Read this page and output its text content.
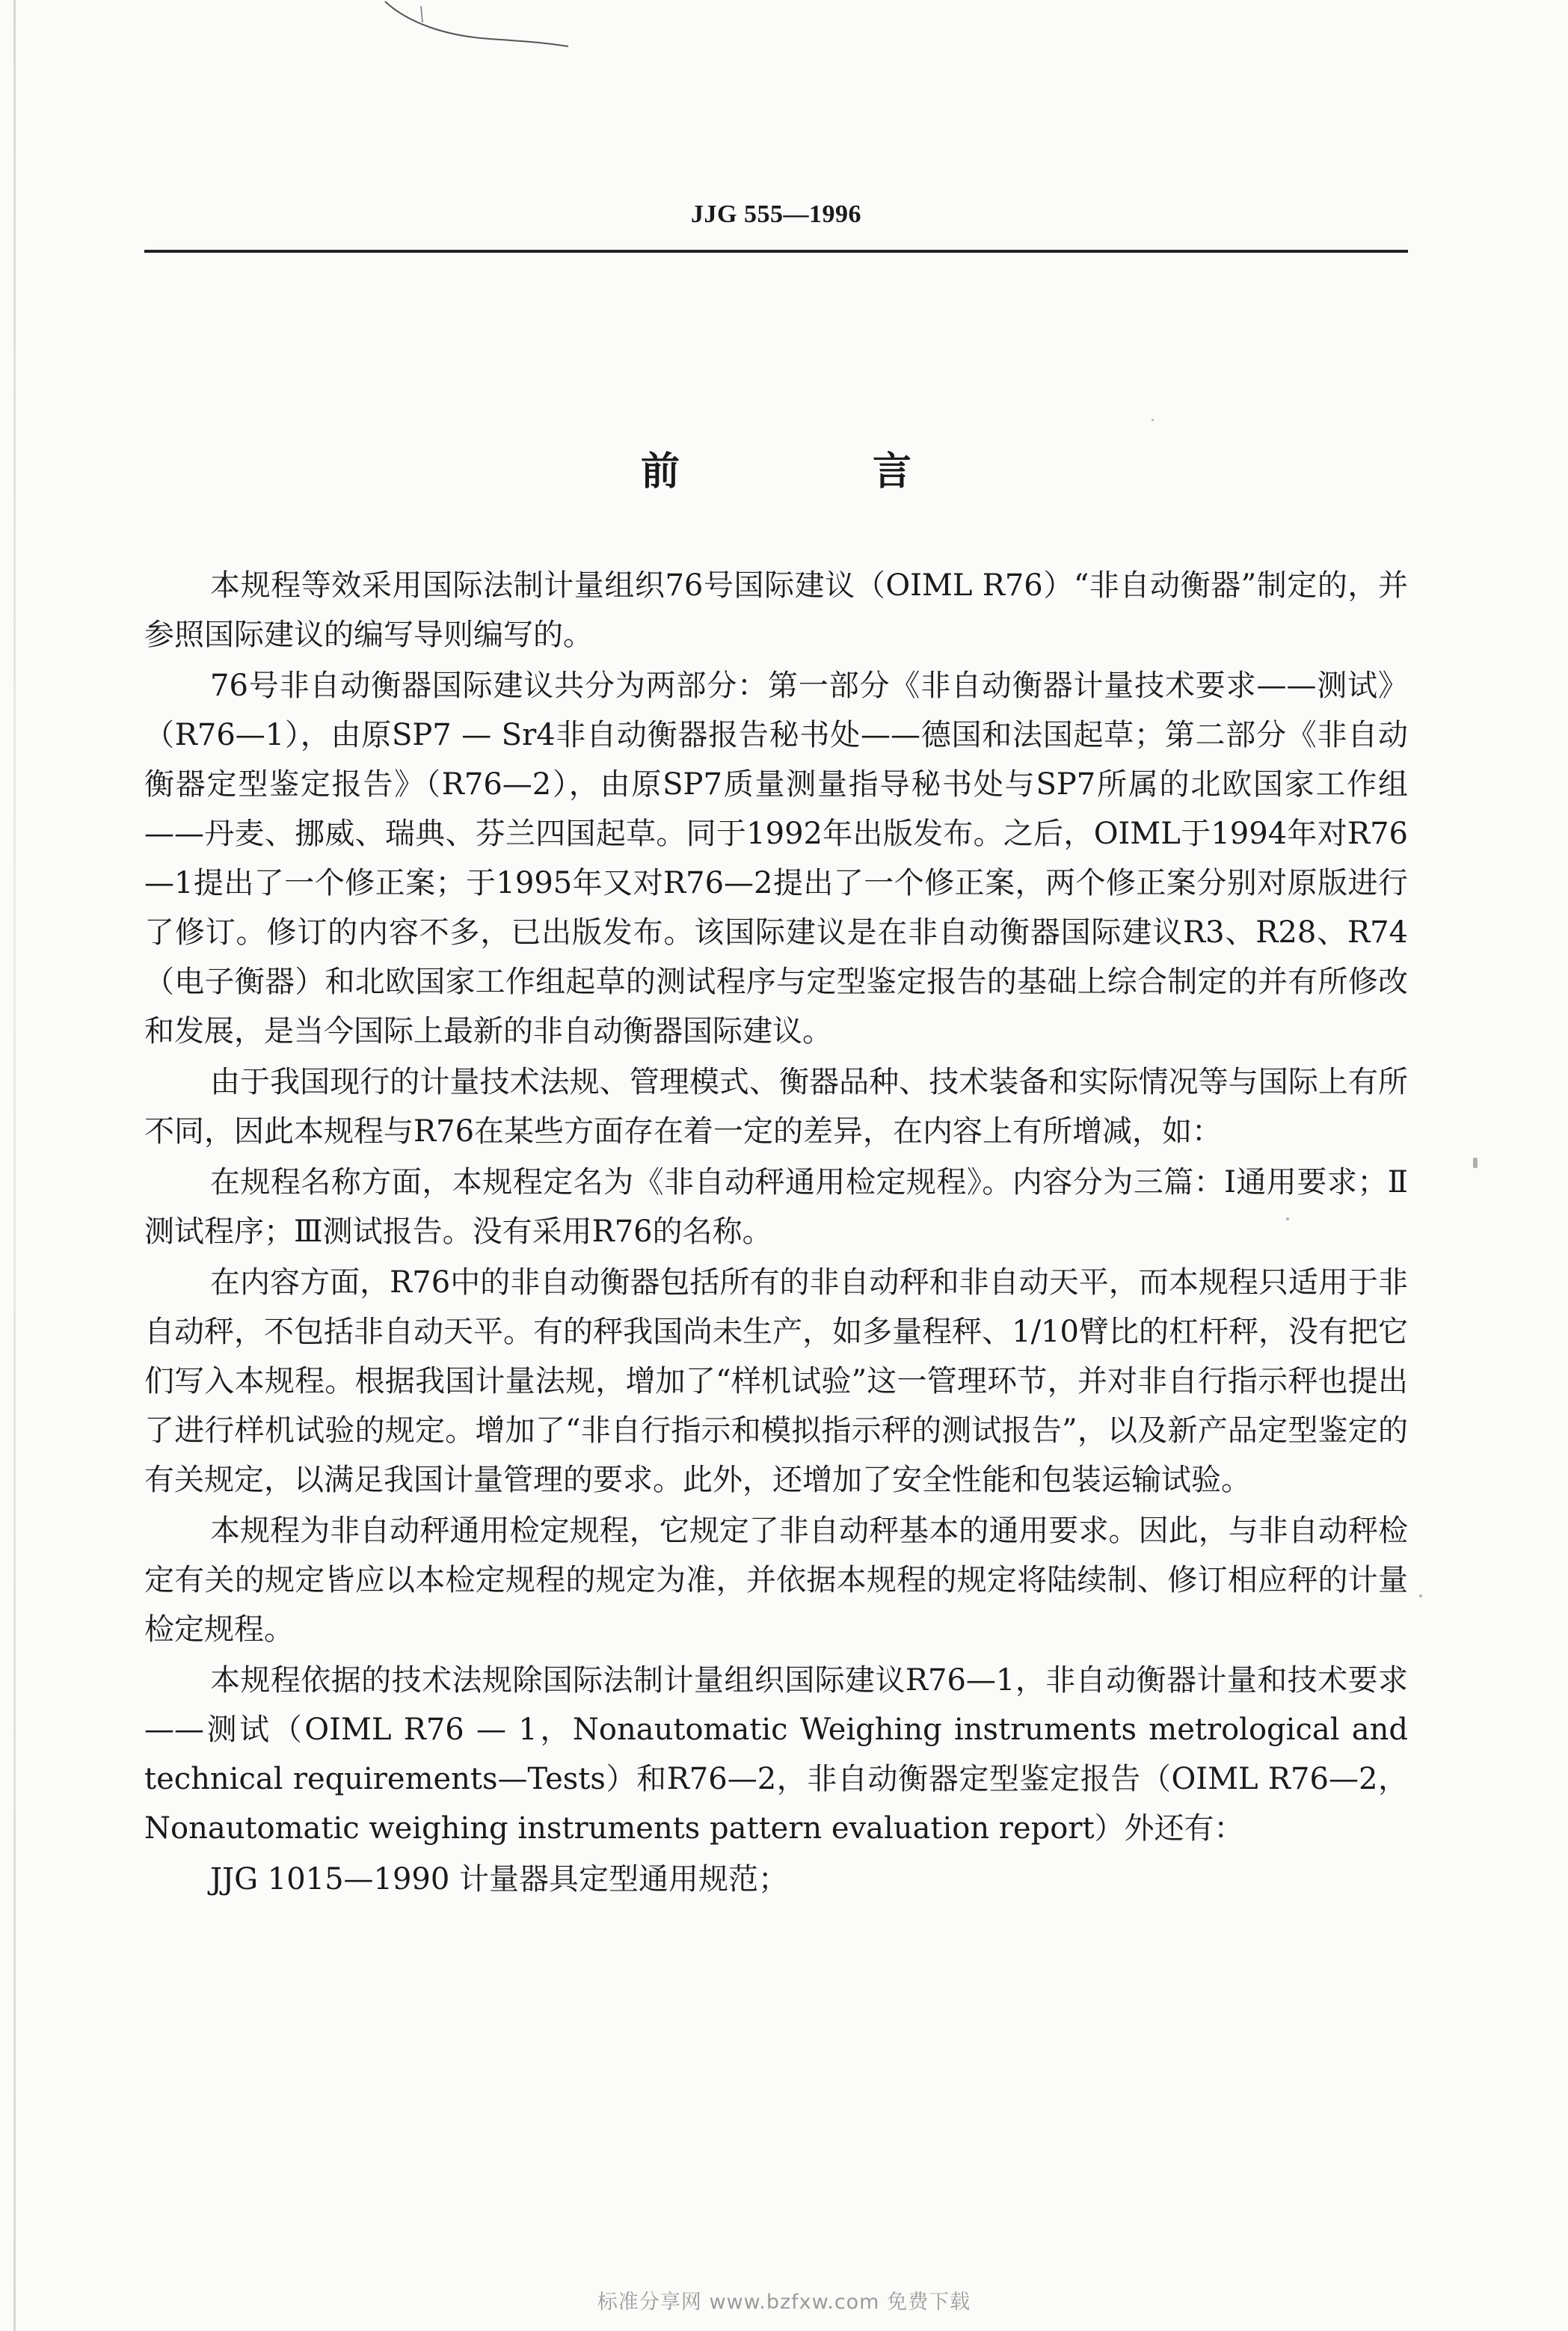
JJG 555—1996
前 言

本规程等效采用国际法制计量组织76号国际建议（OIML R76）“非自动衡器”制定的，并参照国际建议的编写导则编写的。

76号非自动衡器国际建议共分为两部分：第一部分《非自动衡器计量技术要求——测试》（R76—1），由原SP7 — Sr4非自动衡器报告秘书处——德国和法国起草；第二部分《非自动衡器定型鉴定报告》（R76—2），由原SP7质量测量指导秘书处与SP7所属的北欧国家工作组——丹麦、挪威、瑞典、芬兰四国起草。同于1992年出版发布。之后，OIML于1994年对R76—1提出了一个修正案；于1995年又对R76—2提出了一个修正案，两个修正案分别对原版进行了修订。修订的内容不多，已出版发布。该国际建议是在非自动衡器国际建议R3、R28、R74（电子衡器）和北欧国家工作组起草的测试程序与定型鉴定报告的基础上综合制定的并有所修改和发展，是当今国际上最新的非自动衡器国际建议。

由于我国现行的计量技术法规、管理模式、衡器品种、技术装备和实际情况等与国际上有所不同，因此本规程与R76在某些方面存在着一定的差异，在内容上有所增减，如：

在规程名称方面，本规程定名为《非自动秤通用检定规程》。内容分为三篇：Ⅰ通用要求；Ⅱ测试程序；Ⅲ测试报告。没有采用R76的名称。

在内容方面，R76中的非自动衡器包括所有的非自动秤和非自动天平，而本规程只适用于非自动秤，不包括非自动天平。有的秤我国尚未生产，如多量程秤、1/10臂比的杠杆秤，没有把它们写入本规程。根据我国计量法规，增加了“样机试验”这一管理环节，并对非自行指示秤也提出了进行样机试验的规定。增加了“非自行指示和模拟指示秤的测试报告”，以及新产品定型鉴定的有关规定，以满足我国计量管理的要求。此外，还增加了安全性能和包装运输试验。

本规程为非自动秤通用检定规程，它规定了非自动秤基本的通用要求。因此，与非自动秤检定有关的规定皆应以本检定规程的规定为准，并依据本规程的规定将陆续制、修订相应秤的计量检定规程。

本规程依据的技术法规除国际法制计量组织国际建议R76—1，非自动衡器计量和技术要求——测试（OIML R76 — 1，Nonautomatic Weighing instruments metrological and technical requirements—Tests）和R76—2，非自动衡器定型鉴定报告（OIML R76—2，Nonautomatic weighing instruments pattern evaluation report）外还有：

JJG 1015—1990 计量器具定型通用规范；

标准分享网 www.bzfxw.com 免费下载
